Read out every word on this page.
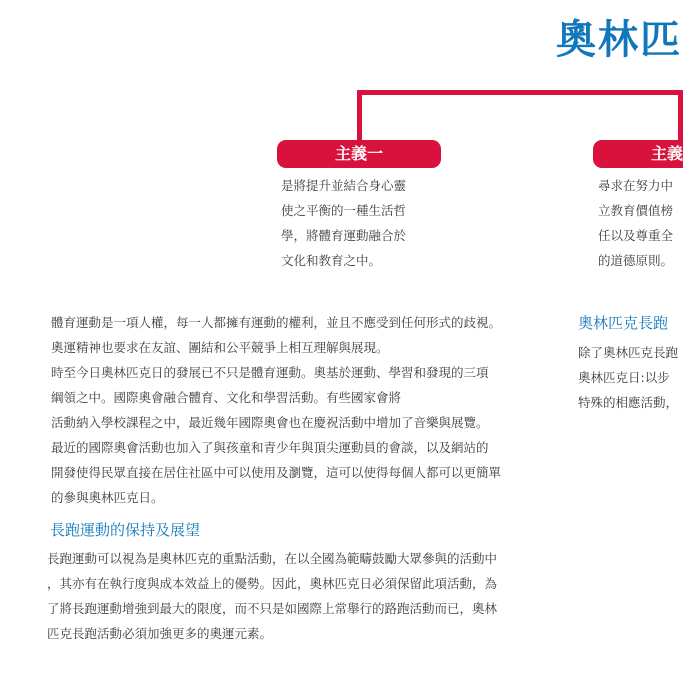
奧林匹
主義一	主義
是將提升並結合身心靈
使之平衡的一種生活哲
學，將體育運動融合於
文化和教育之中。
尋求在努力中
立教育價值榜
任以及尊重全
的道德原則。
體育運動是一項人權，每一人都擁有運動的權利，並且不應受到任何形式的歧視。
奧運精神也要求在友誼、團結和公平競爭上相互理解與展現。
時至今日奧林匹克日的發展已不只是體育運動。奧基於運動、學習和發現的三項
綱領之中。國際奧會融合體育、文化和學習活動。有些國家會將
活動納入學校課程之中，最近幾年國際奧會也在慶祝活動中增加了音樂與展覽。
最近的國際奧會活動也加入了與孩童和青少年與頂尖運動員的會談，以及網站的
開發使得民眾直接在居住社區中可以使用及瀏覽，這可以使得每個人都可以更簡單
的參與奧林匹克日。
長跑運動的保持及展望
長跑運動可以視為是奧林匹克的重點活動，在以全國為範疇鼓勵大眾參與的活動中
，其亦有在執行度與成本效益上的優勢。因此，奧林匹克日必須保留此項活動，為
了將長跑運動增強到最大的限度，而不只是如國際上常舉行的路跑活動而已，奧林
匹克長跑活動必須加強更多的奧運元素。
奧林匹克長跑
除了奧林匹克長跑
奧林匹克日:以步
特殊的相應活動，
